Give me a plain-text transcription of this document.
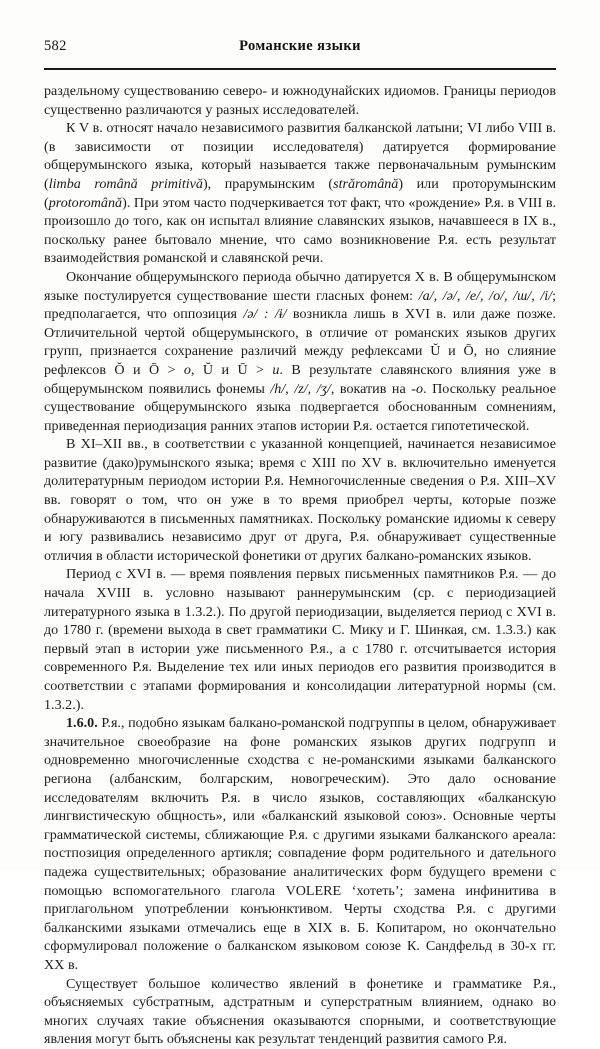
582	Романские языки

раздельному существованию северо- и южнодунайских идиомов. Границы периодов существенно различаются у разных исследователей.

К V в. относят начало независимого развития балканской латыни; VI либо VIII в. (в зависимости от позиции исследователя) датируется формирование общерумынского языка, который называется также первоначальным румынским (limba română primitivă), прарумынским (străromână) или проторумынским (protoromână). При этом часто подчеркивается тот факт, что «рождение» Р.я. в VIII в. произошло до того, как он испытал влияние славянских языков, начавшееся в IX в., поскольку ранее бытовало мнение, что само возникновение Р.я. есть результат взаимодействия романской и славянской речи.

Окончание общерумынского периода обычно датируется X в. В общерумынском языке постулируется существование шести гласных фонем: /a/, /ə/, /e/, /o/, /ɯ/, /i/; предполагается, что оппозиция /ə/ : /ɨ/ возникла лишь в XVI в. или даже позже. Отличительной чертой общерумынского, в отличие от романских языков других групп, признается сохранение различий между рефлексами Ŭ и Ō, но слияние рефлексов Ŏ и Ō > o, Ŭ и Ū > u. В результате славянского влияния уже в общерумынском появились фонемы /h/, /z/, /ʒ/, вокатив на -o. Поскольку реальное существование общерумынского языка подвергается обоснованным сомнениям, приведенная периодизация ранних этапов истории Р.я. остается гипотетической.

В XI–XII вв., в соответствии с указанной концепцией, начинается независимое развитие (дако)румынского языка; время с XIII по XV в. включительно именуется долитературным периодом истории Р.я. Немногочисленные сведения о Р.я. XIII–XV вв. говорят о том, что он уже в то время приобрел черты, которые позже обнаруживаются в письменных памятниках. Поскольку романские идиомы к северу и югу развивались независимо друг от друга, Р.я. обнаруживает существенные отличия в области исторической фонетики от других балкано-романских языков.

Период с XVI в. — время появления первых письменных памятников Р.я. — до начала XVIII в. условно называют раннерумынским (ср. с периодизацией литературного языка в 1.3.2.). По другой периодизации, выделяется период с XVI в. до 1780 г. (времени выхода в свет грамматики С. Мику и Г. Шинкая, см. 1.3.3.) как первый этап в истории уже письменного Р.я., а с 1780 г. отсчитывается история современного Р.я. Выделение тех или иных периодов его развития производится в соответствии с этапами формирования и консолидации литературной нормы (см. 1.3.2.).

1.6.0. Р.я., подобно языкам балкано-романской подгруппы в целом, обнаруживает значительное своеобразие на фоне романских языков других подгрупп и одновременно многочисленные сходства с не-романскими языками балканского региона (албанским, болгарским, новогреческим). Это дало основание исследователям включить Р.я. в число языков, составляющих «балканскую лингвистическую общность», или «балканский языковой союз». Основные черты грамматической системы, сближающие Р.я. с другими языками балканского ареала: постпозиция определенного артикля; совпадение форм родительного и дательного падежа существительных; образование аналитических форм будущего времени с помощью вспомогательного глагола VOLERE ‘хотеть’; замена инфинитива в приглагольном употреблении конъюнктивом. Черты сходства Р.я. с другими балканскими языками отмечались еще в XIX в. Б. Копитаром, но окончательно сформулировал положение о балканском языковом союзе К. Сандфельд в 30-х гг. XX в.

Существует большое количество явлений в фонетике и грамматике Р.я., объясняемых субстратным, адстратным и суперстратным влиянием, однако во многих случаях такие объяснения оказываются спорными, и соответствующие явления могут быть объяснены как результат тенденций развития самого Р.я.
